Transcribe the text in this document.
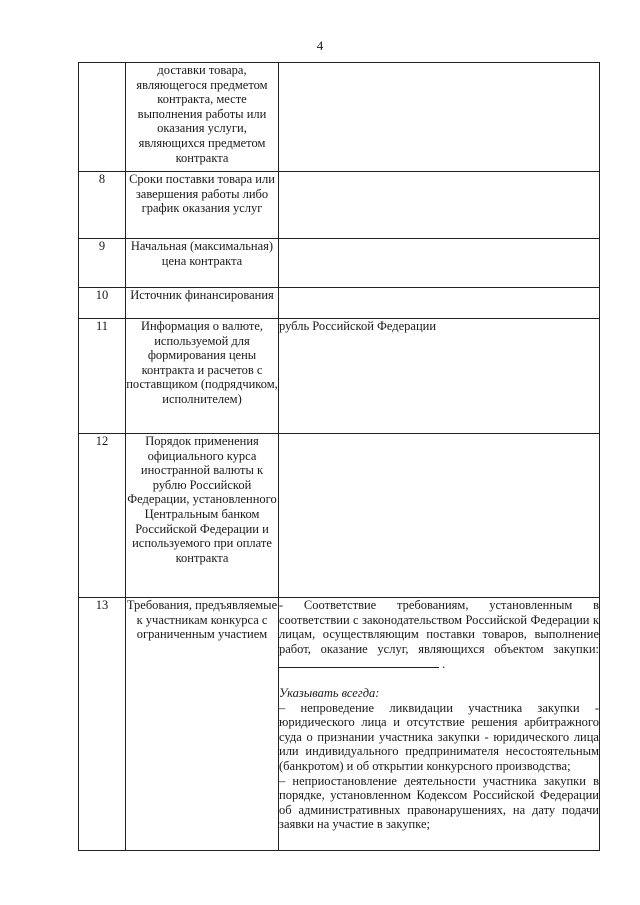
4
	доставки товара, являющегося предметом контракта, месте выполнения работы или оказания услуги, являющихся предметом контракта	
8	Сроки поставки товара или завершения работы либо график оказания услуг	
9	Начальная (максимальная) цена контракта	
10	Источник финансирования	
11	Информация о валюте, используемой для формирования цены контракта и расчетов с поставщиком (подрядчиком, исполнителем)	рубль Российской Федерации
12	Порядок применения официального курса иностранной валюты к рублю Российской Федерации, установленного Центральным банком Российской Федерации и используемого при оплате контракта	
13	Требования, предъявляемые к участникам конкурса с ограниченным участием	- Соответствие требованиям, установленным в соответствии с законодательством Российской Федерации к лицам, осуществляющим поставки товаров, выполнение работ, оказание услуг, являющихся объектом закупки:  .
Указывать всегда:
– непроведение ликвидации участника закупки - юридического лица и отсутствие решения арбитражного суда о признании участника закупки - юридического лица или индивидуального предпринимателя несостоятельным (банкротом) и об открытии конкурсного производства;
– неприостановление деятельности участника закупки в порядке, установленном Кодексом Российской Федерации об административных правонарушениях, на дату подачи заявки на участие в закупке;
